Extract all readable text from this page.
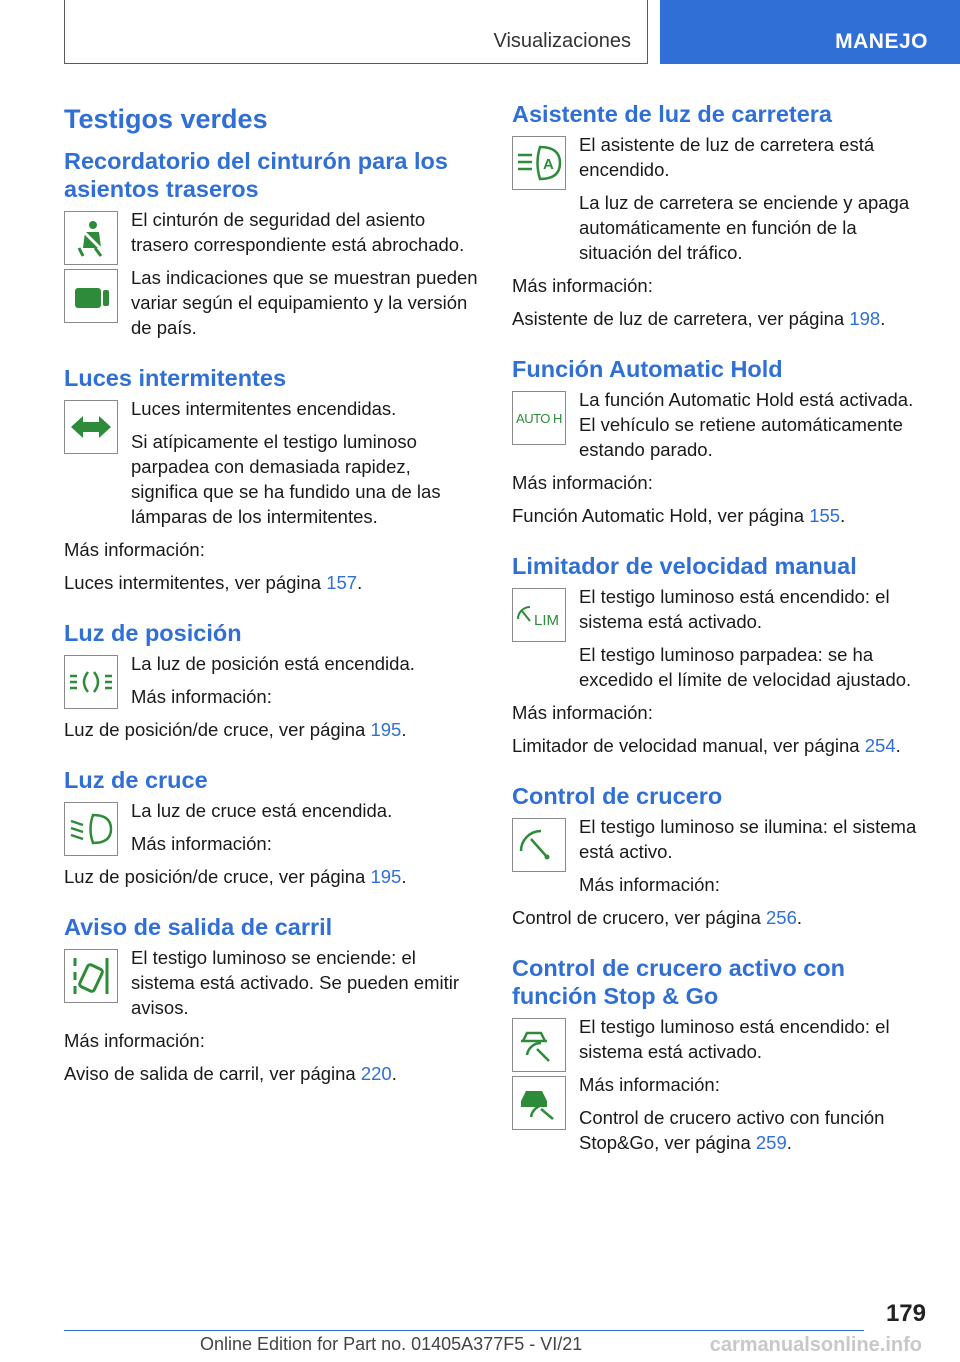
Visualizaciones	MANEJO
Testigos verdes
Recordatorio del cinturón para los asientos traseros

El cinturón de seguridad del asiento trasero correspondiente está abrochado.

Las indicaciones que se muestran pueden variar según el equipamiento y la versión de país.

Luces intermitentes

Luces intermitentes encendidas.

Si atípicamente el testigo luminoso parpadea con demasiada rapidez, significa que se ha fundido una de las lámparas de los intermitentes.

Más información:

Luces intermitentes, ver página 157.

Luz de posición

La luz de posición está encendida.

Más información:

Luz de posición/de cruce, ver página 195.

Luz de cruce

La luz de cruce está encendida.

Más información:

Luz de posición/de cruce, ver página 195.

Aviso de salida de carril

El testigo luminoso se enciende: el sistema está activado. Se pueden emitir avisos.

Más información:

Aviso de salida de carril, ver página 220.

Asistente de luz de carretera
A

El asistente de luz de carretera está encendido.

La luz de carretera se enciende y apaga automáticamente en función de la situación del tráfico.

Más información:

Asistente de luz de carretera, ver página 198.

Función Automatic Hold
AUTO H

La función Automatic Hold está activada. El vehículo se retiene automáticamente estando parado.

Más información:

Función Automatic Hold, ver página 155.

Limitador de velocidad manual
LIM

El testigo luminoso está encendido: el sistema está activado.

El testigo luminoso parpadea: se ha excedido el límite de velocidad ajustado.

Más información:

Limitador de velocidad manual, ver página 254.

Control de crucero

El testigo luminoso se ilumina: el sistema está activo.

Más información:

Control de crucero, ver página 256.

Control de crucero activo con función Stop & Go

El testigo luminoso está encendido: el sistema está activado.

Más información:

Control de crucero activo con función Stop&Go, ver página 259.

179
Online Edition for Part no. 01405A377F5 - VI/21	carmanualsonline.info
